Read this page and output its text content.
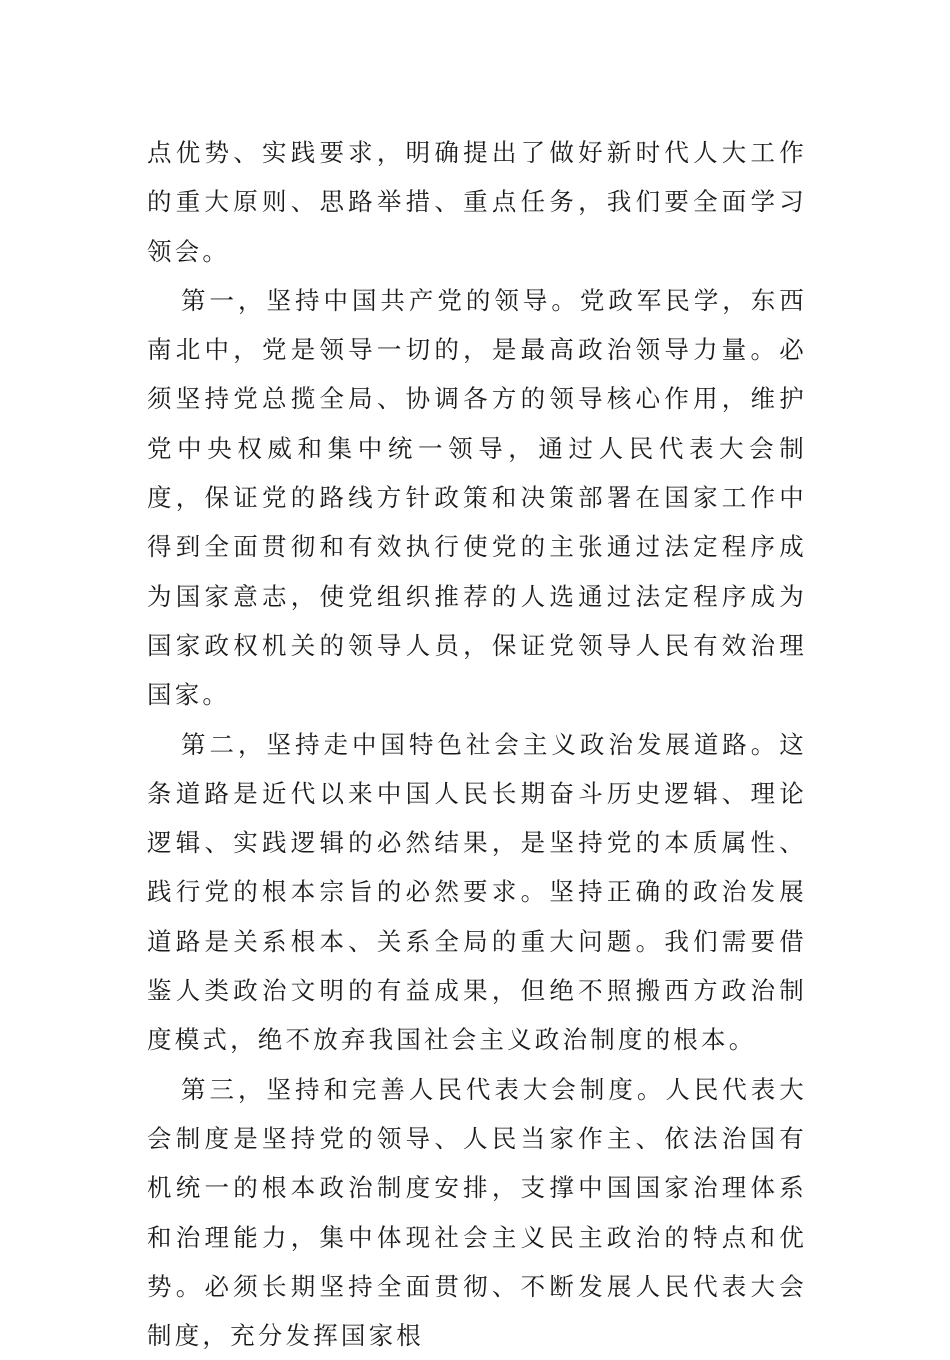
点优势、实践要求，明确提出了做好新时代人大工作的重大原则、思路举措、重点任务，我们要全面学习领会。

第一，坚持中国共产党的领导。党政军民学，东西南北中，党是领导一切的，是最高政治领导力量。必须坚持党总揽全局、协调各方的领导核心作用，维护党中央权威和集中统一领导，通过人民代表大会制度，保证党的路线方针政策和决策部署在国家工作中得到全面贯彻和有效执行使党的主张通过法定程序成为国家意志，使党组织推荐的人选通过法定程序成为国家政权机关的领导人员，保证党领导人民有效治理国家。

第二，坚持走中国特色社会主义政治发展道路。这条道路是近代以来中国人民长期奋斗历史逻辑、理论逻辑、实践逻辑的必然结果，是坚持党的本质属性、践行党的根本宗旨的必然要求。坚持正确的政治发展道路是关系根本、关系全局的重大问题。我们需要借鉴人类政治文明的有益成果，但绝不照搬西方政治制度模式，绝不放弃我国社会主义政治制度的根本。

第三，坚持和完善人民代表大会制度。人民代表大会制度是坚持党的领导、人民当家作主、依法治国有机统一的根本政治制度安排，支撑中国国家治理体系和治理能力，集中体现社会主义民主政治的特点和优势。必须长期坚持全面贯彻、不断发展人民代表大会制度，充分发挥国家根
